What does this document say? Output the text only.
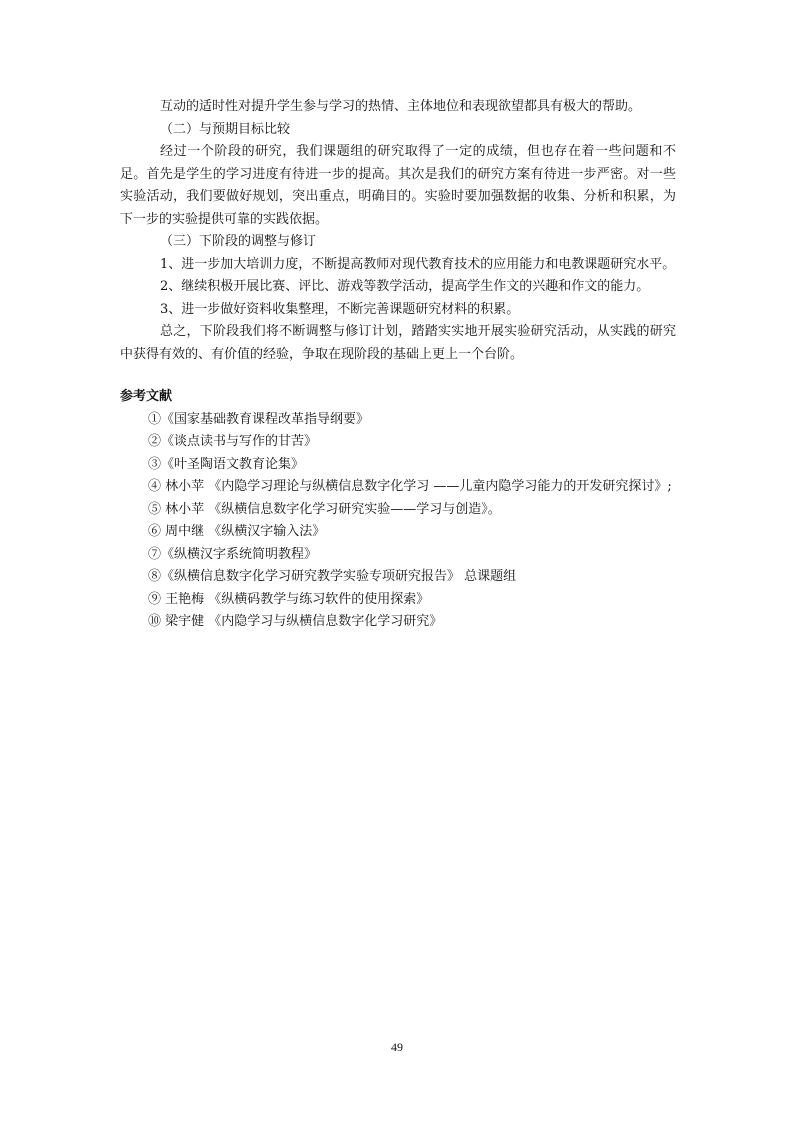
互动的适时性对提升学生参与学习的热情、主体地位和表现欲望都具有极大的帮助。

（二）与预期目标比较

经过一个阶段的研究，我们课题组的研究取得了一定的成绩，但也存在着一些问题和不足。首先是学生的学习进度有待进一步的提高。其次是我们的研究方案有待进一步严密。对一些实验活动，我们要做好规划，突出重点，明确目的。实验时要加强数据的收集、分析和积累，为下一步的实验提供可靠的实践依据。

（三）下阶段的调整与修订

1、进一步加大培训力度，不断提高教师对现代教育技术的应用能力和电教课题研究水平。

2、继续积极开展比赛、评比、游戏等教学活动，提高学生作文的兴趣和作文的能力。

3、进一步做好资料收集整理，不断完善课题研究材料的积累。

总之，下阶段我们将不断调整与修订计划，踏踏实实地开展实验研究活动，从实践的研究中获得有效的、有价值的经验，争取在现阶段的基础上更上一个台阶。

参考文献

①《国家基础教育课程改革指导纲要》

②《谈点读书与写作的甘苦》

③《叶圣陶语文教育论集》

④ 林小苹 《内隐学习理论与纵横信息数字化学习 ——儿童内隐学习能力的开发研究探讨》;

⑤ 林小苹 《纵横信息数字化学习研究实验——学习与创造》。

⑥ 周中继 《纵横汉字输入法》

⑦《纵横汉字系统简明教程》

⑧《纵横信息数字化学习研究教学实验专项研究报告》 总课题组

⑨ 王艳梅 《纵横码教学与练习软件的使用探索》

⑩ 梁宇健 《内隐学习与纵横信息数字化学习研究》

49
